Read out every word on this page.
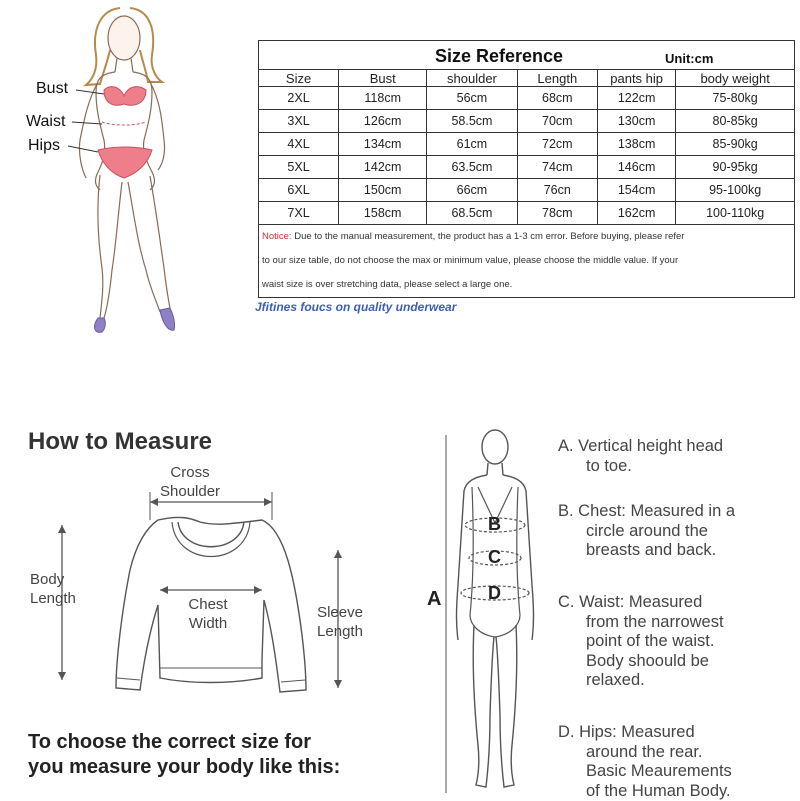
Bust
Waist
Hips
Size Reference Unit:cm					

Size	Bust	shoulder	Length	pants hip	body weight
2XL	118cm	56cm	68cm	122cm	75-80kg
3XL	126cm	58.5cm	70cm	130cm	80-85kg
4XL	134cm	61cm	72cm	138cm	85-90kg
5XL	142cm	63.5cm	74cm	146cm	90-95kg
6XL	150cm	66cm	76cn	154cm	95-100kg
7XL	158cm	68.5cm	78cm	162cm	100-110kg

Notice: Due to the manual measurement, the product has a 1-3 cm error. Before buying, please refer
to our size table, do not choose the max or minimum value, please choose the middle value. If your
waist size is over stretching data, please select a large one.					
Jfitines foucs on quality underwear
How to Measure
Cross
Shoulder
Body
Length	Chest
Width
Sleeve
Length
A
B
C
D
A. Vertical height head
to toe.
B. Chest: Measured in a
circle around the
breasts and back.
C. Waist: Measured
from the narrowest
point of the waist.
Body shoould be
relaxed.
D. Hips: Measured
around the rear.
Basic Meaurements
of the Human Body.
To choose the correct size for
you measure your body like this:
